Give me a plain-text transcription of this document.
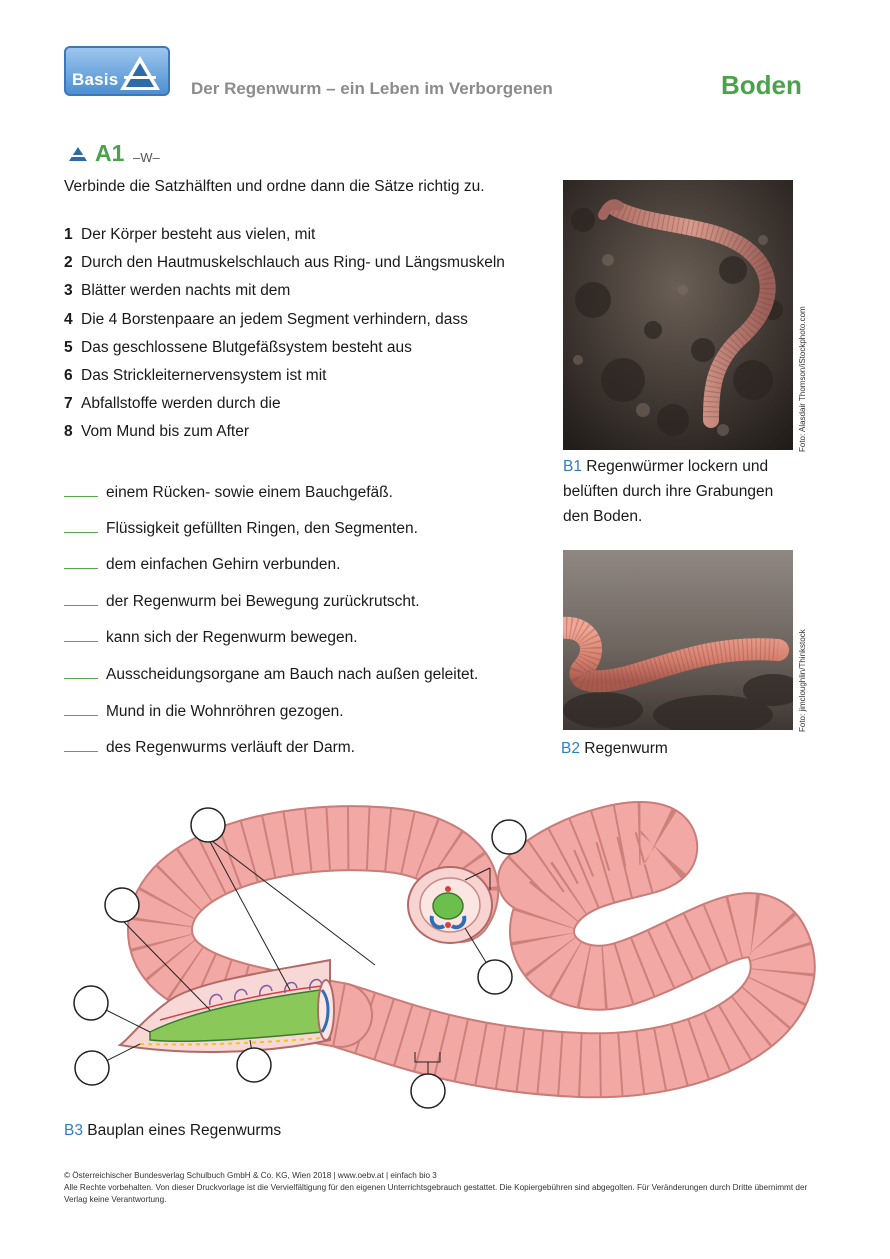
Basis	Der Regenwurm – ein Leben im Verborgenen	Boden
A1 –W–
Verbinde die Satzhälften und ordne dann die Sätze richtig zu.
1 Der Körper besteht aus vielen, mit
2 Durch den Hautmuskelschlauch aus Ring- und Längsmuskeln
3 Blätter werden nachts mit dem
4 Die 4 Borstenpaare an jedem Segment verhindern, dass
5 Das geschlossene Blutgefäßsystem besteht aus
6 Das Strickleiternervensystem ist mit
7 Abfallstoffe werden durch die
8 Vom Mund bis zum After
einem Rücken- sowie einem Bauchgefäß.
Flüssigkeit gefüllten Ringen, den Segmenten.
dem einfachen Gehirn verbunden.
der Regenwurm bei Bewegung zurückrutscht.
kann sich der Regenwurm bewegen.
Ausscheidungsorgane am Bauch nach außen geleitet.
Mund in die Wohnröhren gezogen.
des Regenwurms verläuft der Darm.
Foto: Alasdair Thomson/iStockphoto.com
B1 Regenwürmer lockern und
belüften durch ihre Grabungen
den Boden.
Foto: jimcloughlin/Thinkstock
B2 Regenwurm
B3 Bauplan eines Regenwurms
© Österreichischer Bundesverlag Schulbuch GmbH & Co. KG, Wien 2018 | www.oebv.at | einfach bio 3
Alle Rechte vorbehalten. Von dieser Druckvorlage ist die Vervielfältigung für den eigenen Unterrichtsgebrauch gestattet. Die Kopiergebühren sind abgegolten. Für Veränderungen durch Dritte übernimmt der Verlag keine Verantwortung.
